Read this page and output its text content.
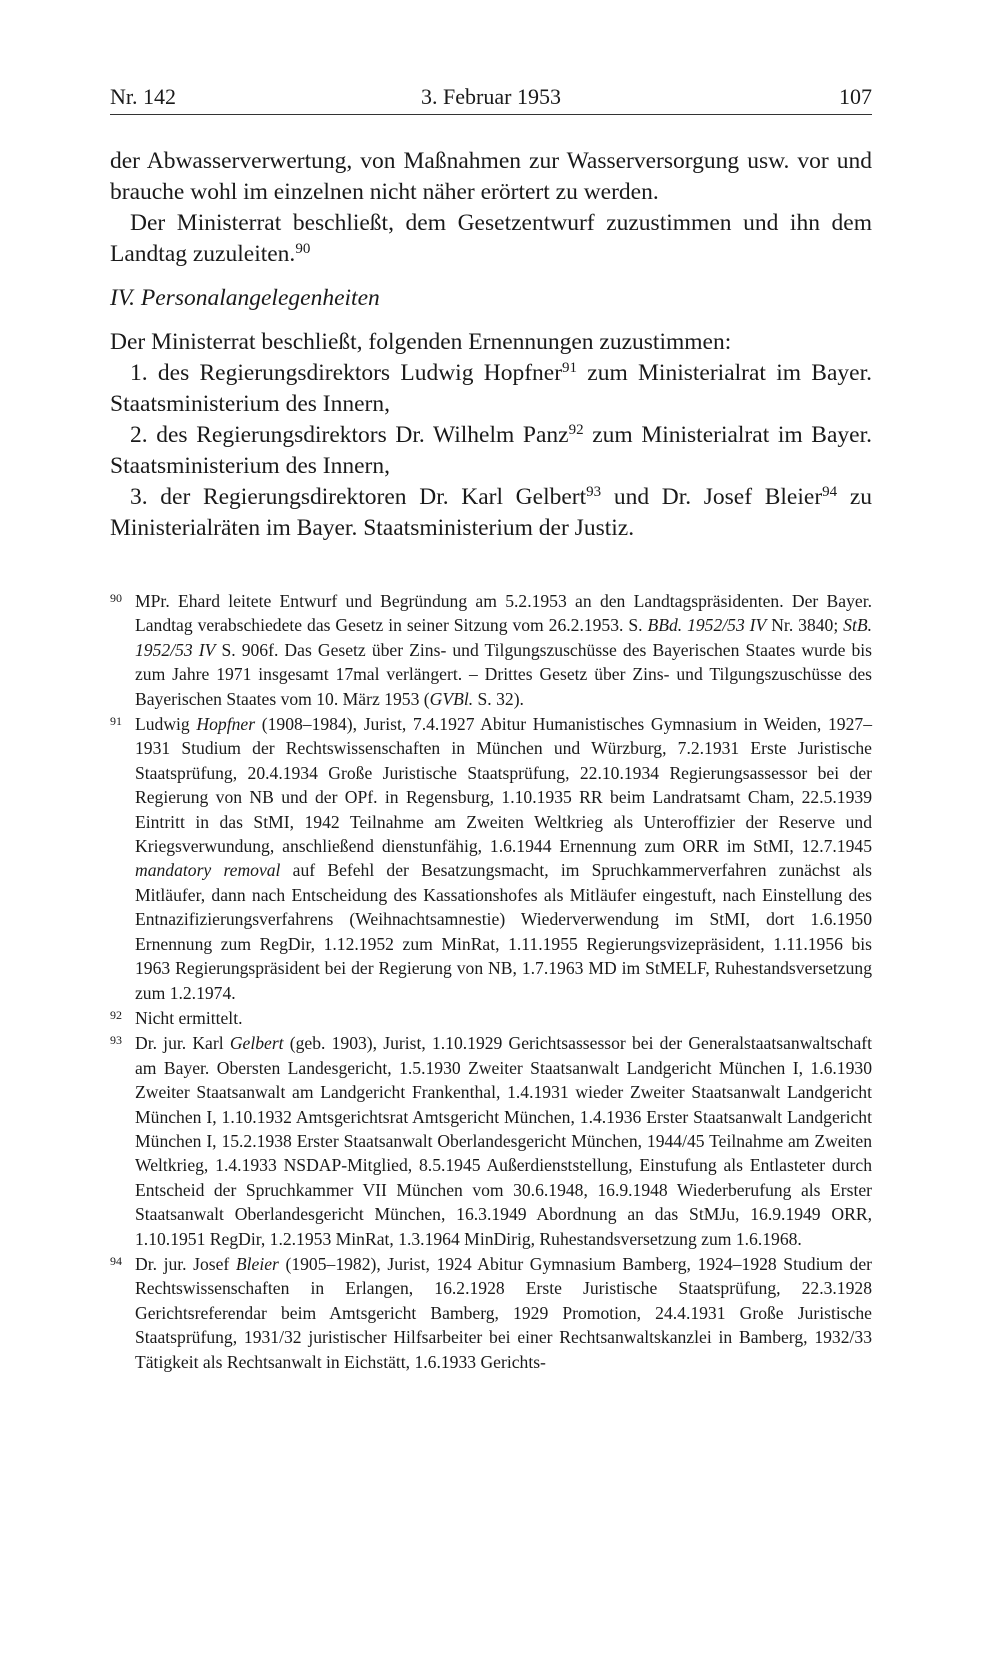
Nr. 142	3. Februar 1953	107

der Abwasserverwertung, von Maßnahmen zur Wasserversorgung usw. vor und brauche wohl im einzelnen nicht näher erörtert zu werden.

Der Ministerrat beschließt, dem Gesetzentwurf zuzustimmen und ihn dem Landtag zuzuleiten.$^{90}$

IV. Personalangelegenheiten

Der Ministerrat beschließt, folgenden Ernennungen zuzustimmen:

1. des Regierungsdirektors Ludwig Hopfner$^{91}$ zum Ministerialrat im Bayer. Staatsministerium des Innern,

2. des Regierungsdirektors Dr. Wilhelm Panz$^{92}$ zum Ministerialrat im Bayer. Staatsministerium des Innern,

3. der Regierungsdirektoren Dr. Karl Gelbert$^{93}$ und Dr. Josef Bleier$^{94}$ zu Ministerialräten im Bayer. Staatsministerium der Justiz.

90 MPr. Ehard leitete Entwurf und Begründung am 5.2.1953 an den Landtagspräsidenten. Der Bayer. Landtag verabschiedete das Gesetz in seiner Sitzung vom 26.2.1953. S. BBd. 1952/53 IV Nr. 3840; StB. 1952/53 IV S. 906f. Das Gesetz über Zins- und Tilgungszuschüsse des Bayerischen Staates wurde bis zum Jahre 1971 insgesamt 17mal verlängert. – Drittes Gesetz über Zins- und Tilgungszuschüsse des Bayerischen Staates vom 10. März 1953 (GVBl. S. 32).

91 Ludwig Hopfner (1908–1984), Jurist, 7.4.1927 Abitur Humanistisches Gymnasium in Weiden, 1927–1931 Studium der Rechtswissenschaften in München und Würzburg, 7.2.1931 Erste Juristische Staatsprüfung, 20.4.1934 Große Juristische Staatsprüfung, 22.10.1934 Regierungsassessor bei der Regierung von NB und der OPf. in Regensburg, 1.10.1935 RR beim Landratsamt Cham, 22.5.1939 Eintritt in das StMI, 1942 Teilnahme am Zweiten Weltkrieg als Unteroffizier der Reserve und Kriegsverwundung, anschließend dienstunfähig, 1.6.1944 Ernennung zum ORR im StMI, 12.7.1945 mandatory removal auf Befehl der Besatzungsmacht, im Spruchkammerverfahren zunächst als Mitläufer, dann nach Entscheidung des Kassationshofes als Mitläufer eingestuft, nach Einstellung des Entnazifizierungsverfahrens (Weihnachtsamnestie) Wiederverwendung im StMI, dort 1.6.1950 Ernennung zum RegDir, 1.12.1952 zum MinRat, 1.11.1955 Regierungsvizepräsident, 1.11.1956 bis 1963 Regierungspräsident bei der Regierung von NB, 1.7.1963 MD im StMELF, Ruhestandsversetzung zum 1.2.1974.

92 Nicht ermittelt.

93 Dr. jur. Karl Gelbert (geb. 1903), Jurist, 1.10.1929 Gerichtsassessor bei der Generalstaatsanwaltschaft am Bayer. Obersten Landesgericht, 1.5.1930 Zweiter Staatsanwalt Landgericht München I, 1.6.1930 Zweiter Staatsanwalt am Landgericht Frankenthal, 1.4.1931 wieder Zweiter Staatsanwalt Landgericht München I, 1.10.1932 Amtsgerichtsrat Amtsgericht München, 1.4.1936 Erster Staatsanwalt Landgericht München I, 15.2.1938 Erster Staatsanwalt Oberlandesgericht München, 1944/45 Teilnahme am Zweiten Weltkrieg, 1.4.1933 NSDAP-Mitglied, 8.5.1945 Außerdienststellung, Einstufung als Entlasteter durch Entscheid der Spruchkammer VII München vom 30.6.1948, 16.9.1948 Wiederberufung als Erster Staatsanwalt Oberlandesgericht München, 16.3.1949 Abordnung an das StMJu, 16.9.1949 ORR, 1.10.1951 RegDir, 1.2.1953 MinRat, 1.3.1964 MinDirig, Ruhestandsversetzung zum 1.6.1968.

94 Dr. jur. Josef Bleier (1905–1982), Jurist, 1924 Abitur Gymnasium Bamberg, 1924–1928 Studium der Rechtswissenschaften in Erlangen, 16.2.1928 Erste Juristische Staatsprüfung, 22.3.1928 Gerichtsreferendar beim Amtsgericht Bamberg, 1929 Promotion, 24.4.1931 Große Juristische Staatsprüfung, 1931/32 juristischer Hilfsarbeiter bei einer Rechtsanwaltskanzlei in Bamberg, 1932/33 Tätigkeit als Rechtsanwalt in Eichstätt, 1.6.1933 Gerichts-
